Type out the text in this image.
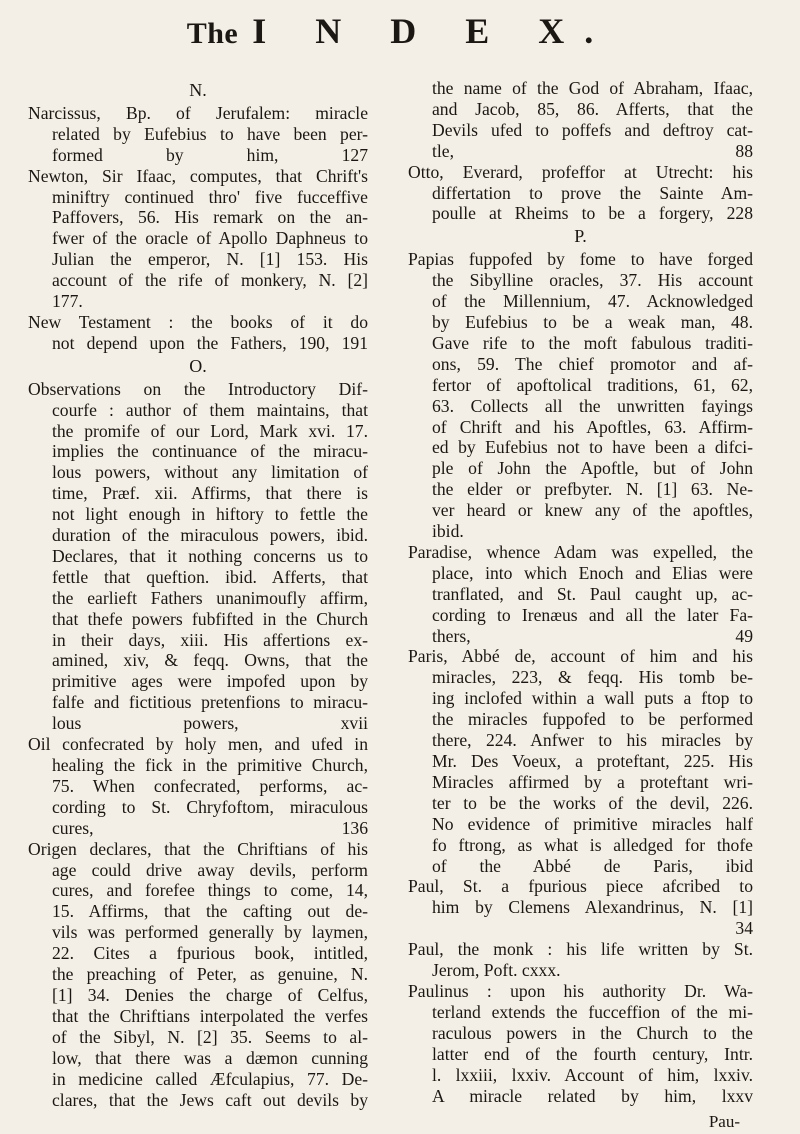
The I N D E X.
N.
Narcissus, Bp. of Jerufalem: miracle
related by Eufebius to have been per-
formed by him, 127
Newton, Sir Ifaac, computes, that Chrift's
miniftry continued thro' five fucceffive
Paffovers, 56. His remark on the an-
fwer of the oracle of Apollo Daphneus to
Julian the emperor, N. [1] 153. His
account of the rife of monkery, N. [2]
177.
New Testament : the books of it do
not depend upon the Fathers, 190, 191
O.
Observations on the Introductory Dif-
courfe : author of them maintains, that
the promife of our Lord, Mark xvi. 17.
implies the continuance of the miracu-
lous powers, without any limitation of
time, Præf. xii. Affirms, that there is
not light enough in hiftory to fettle the
duration of the miraculous powers, ibid.
Declares, that it nothing concerns us to
fettle that queftion. ibid. Afferts, that
the earlieft Fathers unanimoufly affirm,
that thefe powers fubfifted in the Church
in their days, xiii. His affertions ex-
amined, xiv, & feqq. Owns, that the
primitive ages were impofed upon by
falfe and fictitious pretenfions to miracu-
lous powers, xvii
Oil confecrated by holy men, and ufed in
healing the fick in the primitive Church,
75. When confecrated, performs, ac-
cording to St. Chryfoftom, miraculous
cures, 136
Origen declares, that the Chriftians of his
age could drive away devils, perform
cures, and forefee things to come, 14,
15. Affirms, that the cafting out de-
vils was performed generally by laymen,
22. Cites a fpurious book, intitled,
the preaching of Peter, as genuine, N.
[1] 34. Denies the charge of Celfus,
that the Chriftians interpolated the verfes
of the Sibyl, N. [2] 35. Seems to al-
low, that there was a dæmon cunning
in medicine called Æfculapius, 77. De-
clares, that the Jews caft out devils by
the name of the God of Abraham, Ifaac,
and Jacob, 85, 86. Afferts, that the
Devils ufed to poffefs and deftroy cat-
tle, 88
Otto, Everard, profeffor at Utrecht: his
differtation to prove the Sainte Am-
poulle at Rheims to be a forgery, 228
P.
Papias fuppofed by fome to have forged
the Sibylline oracles, 37. His account
of the Millennium, 47. Acknowledged
by Eufebius to be a weak man, 48.
Gave rife to the moft fabulous traditi-
ons, 59. The chief promotor and af-
fertor of apoftolical traditions, 61, 62,
63. Collects all the unwritten fayings
of Chrift and his Apoftles, 63. Affirm-
ed by Eufebius not to have been a difci-
ple of John the Apoftle, but of John
the elder or prefbyter. N. [1] 63. Ne-
ver heard or knew any of the apoftles,
ibid.
Paradise, whence Adam was expelled, the
place, into which Enoch and Elias were
tranflated, and St. Paul caught up, ac-
cording to Irenæus and all the later Fa-
thers, 49
Paris, Abbé de, account of him and his
miracles, 223, & feqq. His tomb be-
ing inclofed within a wall puts a ftop to
the miracles fuppofed to be performed
there, 224. Anfwer to his miracles by
Mr. Des Voeux, a proteftant, 225. His
Miracles affirmed by a proteftant wri-
ter to be the works of the devil, 226.
No evidence of primitive miracles half
fo ftrong, as what is alledged for thofe
of the Abbé de Paris, ibid
Paul, St. a fpurious piece afcribed to
him by Clemens Alexandrinus, N. [1]
34
Paul, the monk : his life written by St.
Jerom, Poft. cxxx.
Paulinus : upon his authority Dr. Wa-
terland extends the fucceffion of the mi-
raculous powers in the Church to the
latter end of the fourth century, Intr.
l. lxxiii, lxxiv. Account of him, lxxiv.
A miracle related by him, lxxv
Pau-
